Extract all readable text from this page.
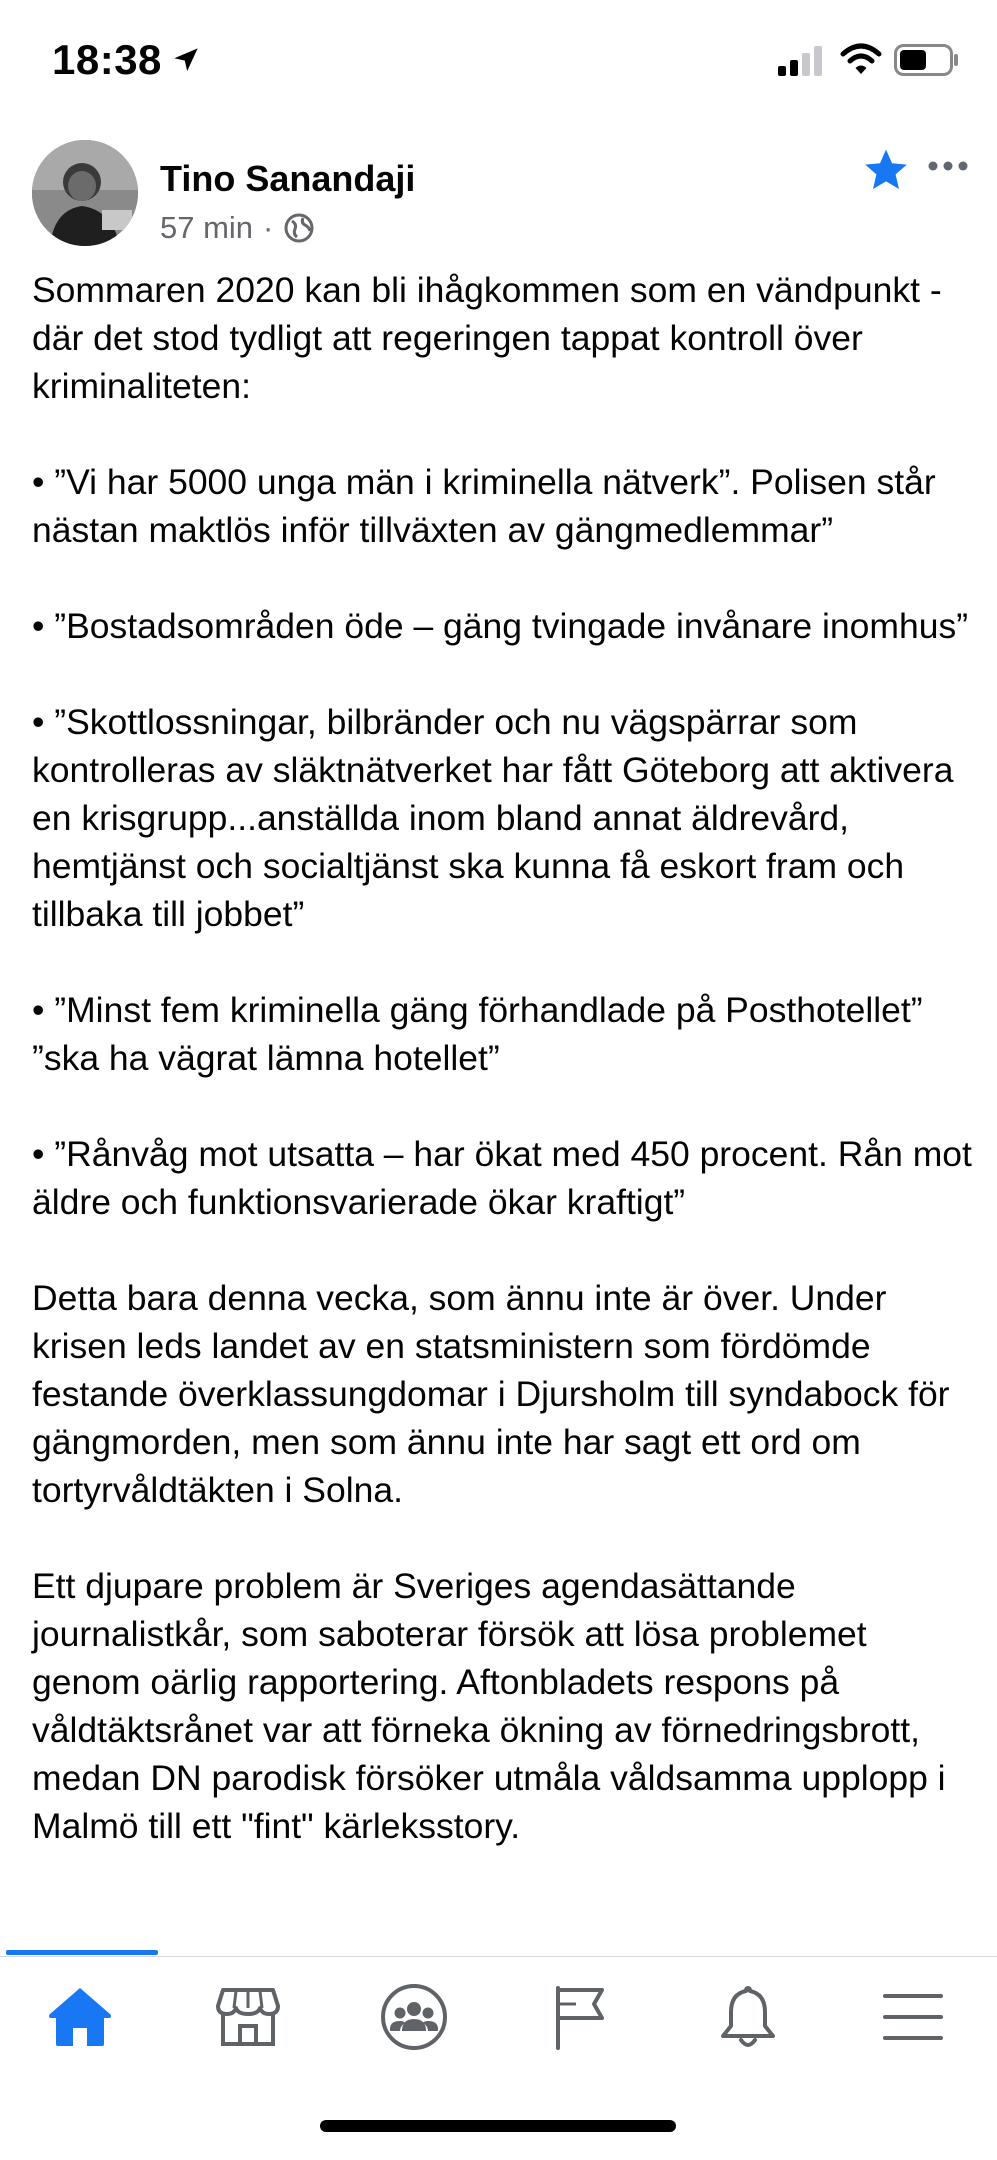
18:38
Tino Sanandaji
57 min ·

Sommaren 2020 kan bli ihågkommen som en vändpunkt - där det stod tydligt att regeringen tappat kontroll över kriminaliteten:

• ”Vi har 5000 unga män i kriminella nätverk”. Polisen står nästan maktlös inför tillväxten av gängmedlemmar”

• ”Bostadsområden öde – gäng tvingade invånare inomhus”

• ”Skottlossningar, bilbränder och nu vägspärrar som kontrolleras av släktnätverket har fått Göteborg att aktivera en krisgrupp...anställda inom bland annat äldrevård, hemtjänst och socialtjänst ska kunna få eskort fram och tillbaka till jobbet”

• ”Minst fem kriminella gäng förhandlade på Posthotellet” ”ska ha vägrat lämna hotellet”

• ”Rånvåg mot utsatta – har ökat med 450 procent. Rån mot äldre och funktionsvarierade ökar kraftigt”

Detta bara denna vecka, som ännu inte är över. Under krisen leds landet av en statsministern som fördömde festande överklassungdomar i Djursholm till syndabock för gängmorden, men som ännu inte har sagt ett ord om tortyrvåldtäkten i Solna.

Ett djupare problem är Sveriges agendasättande journalistkår, som saboterar försök att lösa problemet genom oärlig rapportering. Aftonbladets respons på våldtäktsrånet var att förneka ökning av förnedringsbrott, medan DN parodisk försöker utmåla våldsamma upplopp i Malmö till ett "fint" kärleksstory.
